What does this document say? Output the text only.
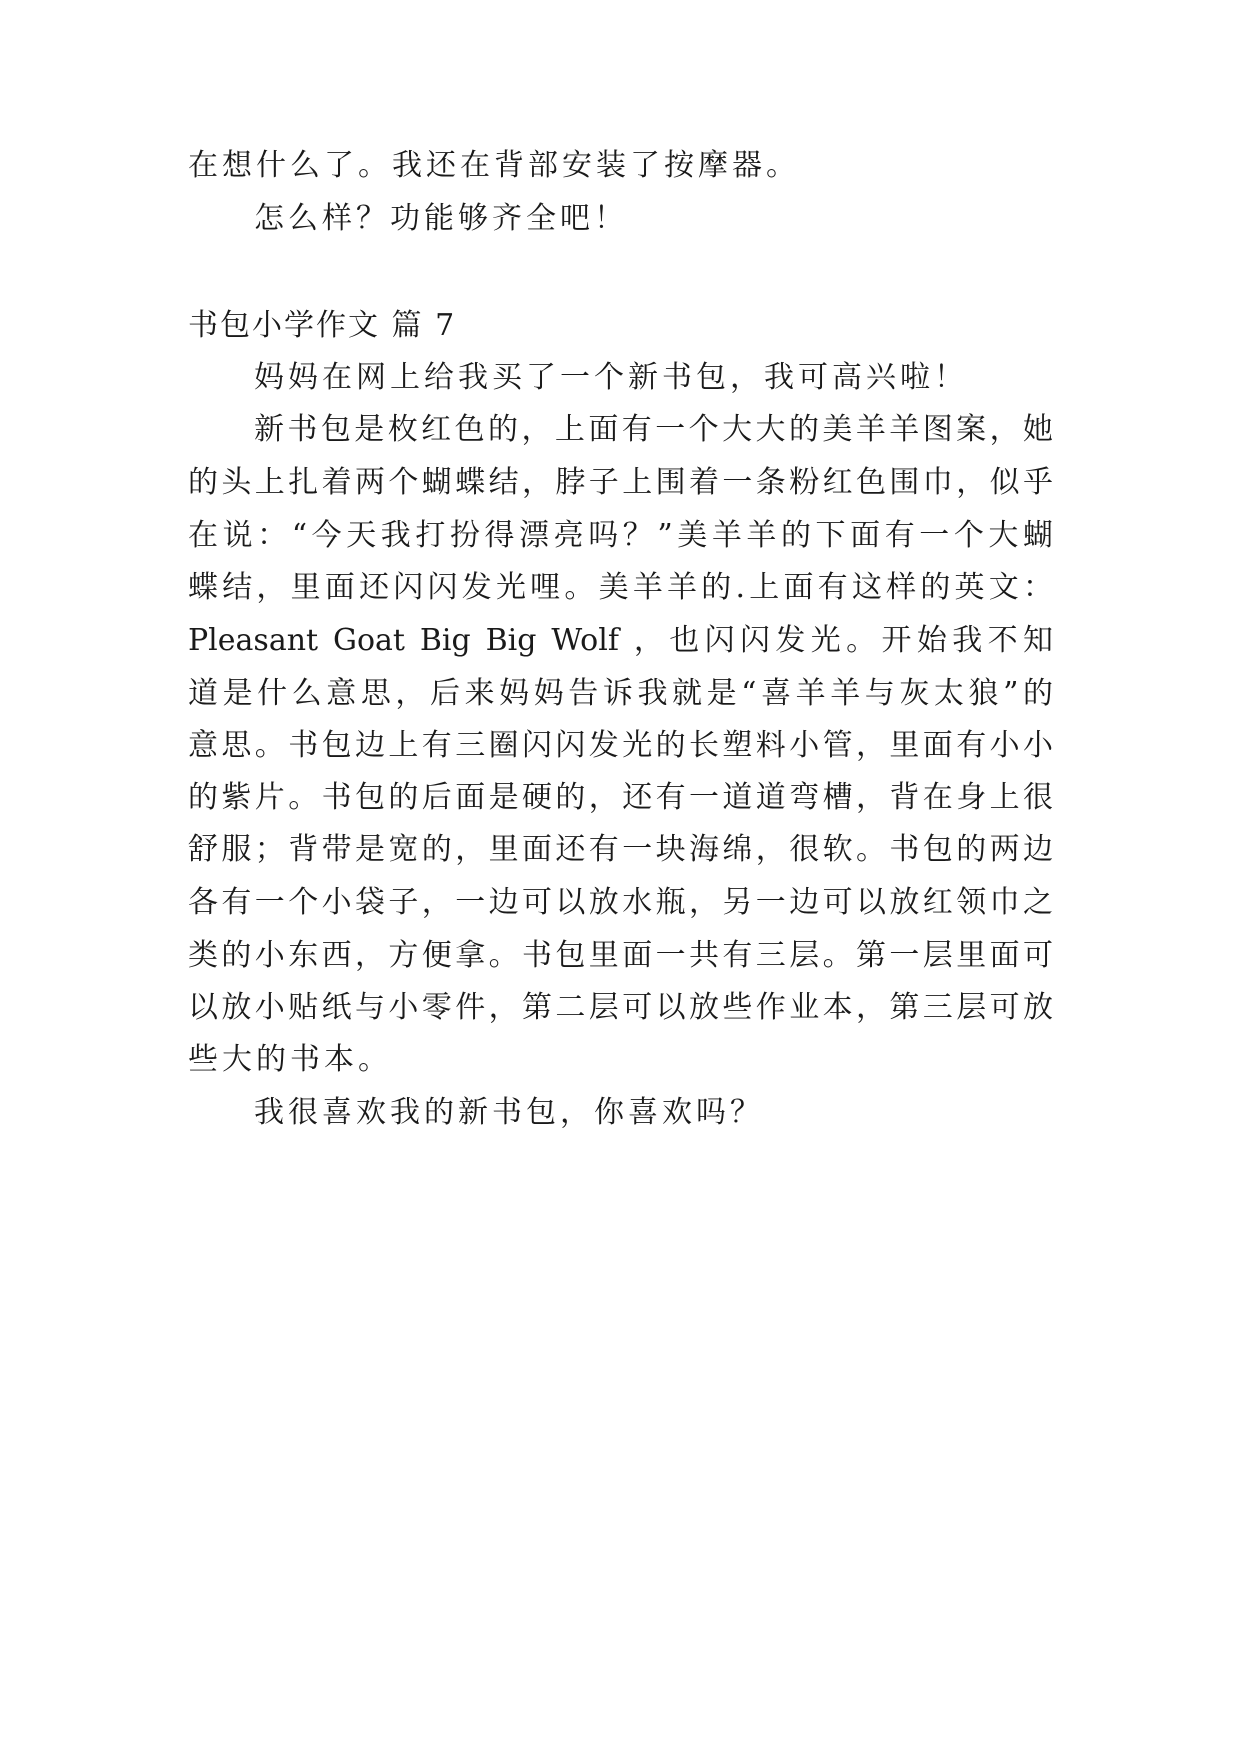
在想什么了。我还在背部安装了按摩器。
怎么样？功能够齐全吧！
书包小学作文 篇 7
妈妈在网上给我买了一个新书包，我可高兴啦！
新书包是枚红色的，上面有一个大大的美羊羊图案，她
的头上扎着两个蝴蝶结，脖子上围着一条粉红色围巾，似乎
在说：“今天我打扮得漂亮吗？”美羊羊的下面有一个大蝴
蝶结，里面还闪闪发光哩。美羊羊的.上面有这样的英文：
Pleasant Goat Big Big Wolf ，也闪闪发光。开始我不知
道是什么意思，后来妈妈告诉我就是“喜羊羊与灰太狼”的
意思。书包边上有三圈闪闪发光的长塑料小管，里面有小小
的紫片。书包的后面是硬的，还有一道道弯槽，背在身上很
舒服；背带是宽的，里面还有一块海绵，很软。书包的两边
各有一个小袋子，一边可以放水瓶，另一边可以放红领巾之
类的小东西，方便拿。书包里面一共有三层。第一层里面可
以放小贴纸与小零件，第二层可以放些作业本，第三层可放
些大的书本。
我很喜欢我的新书包，你喜欢吗？
